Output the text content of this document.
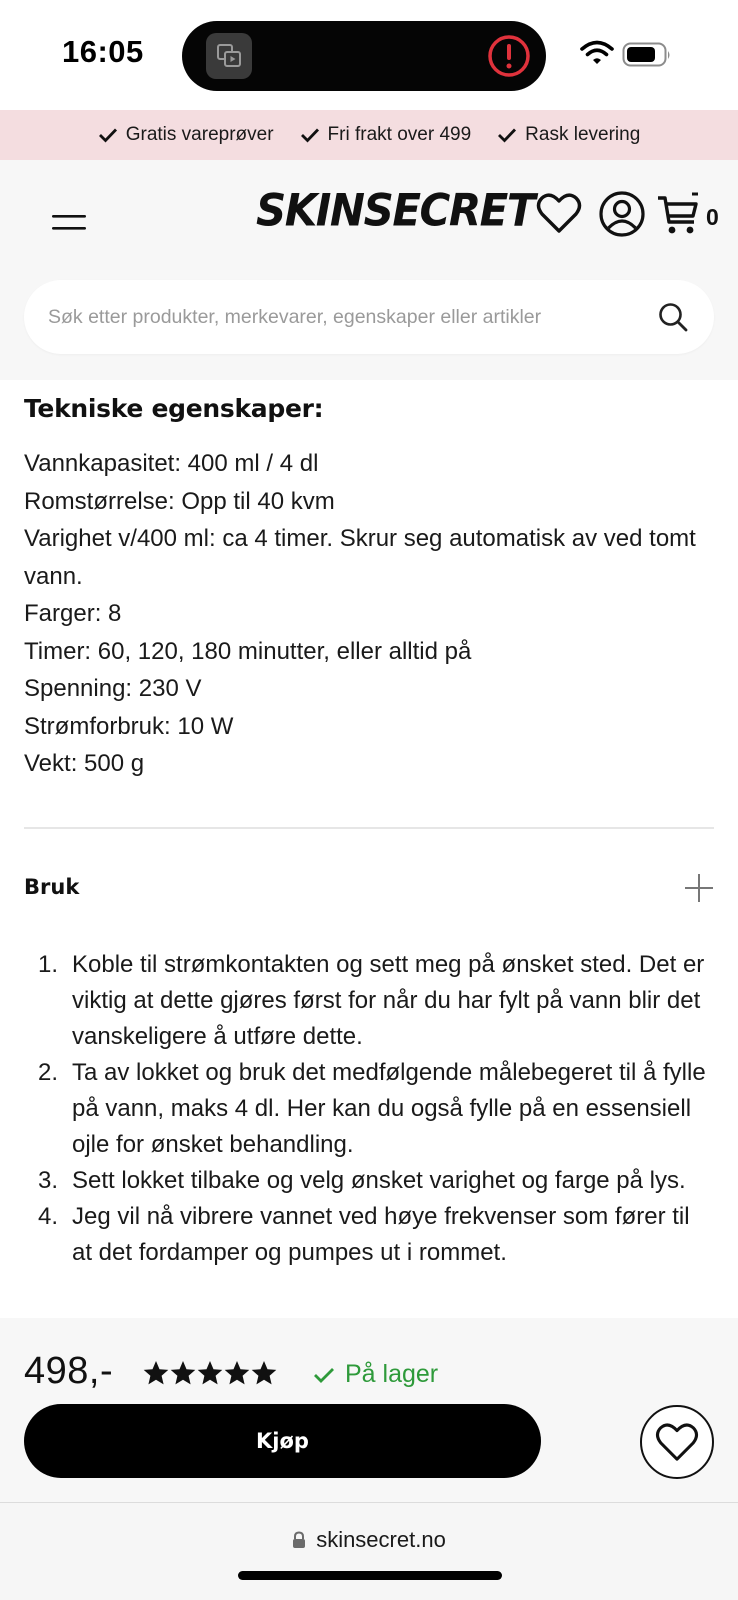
16:05
Gratis vareprøver	Fri frakt over 499	Rask levering
SKINSECRET	0
Søk etter produkter, merkevarer, egenskaper eller artikler
Tekniske egenskaper:
Vannkapasitet: 400 ml / 4 dl
Romstørrelse: Opp til 40 kvm
Varighet v/400 ml: ca 4 timer. Skrur seg automatisk av ved tomt vann.
Farger: 8
Timer: 60, 120, 180 minutter, eller alltid på
Spenning: 230 V
Strømforbruk: 10 W
Vekt: 500 g
Bruk
1. Koble til strømkontakten og sett meg på ønsket sted. Det er viktig at dette gjøres først for når du har fylt på vann blir det vanskeligere å utføre dette.
2. Ta av lokket og bruk det medfølgende målebegeret til å fylle på vann, maks 4 dl. Her kan du også fylle på en essensiell ojle for ønsket behandling.
3. Sett lokket tilbake og velg ønsket varighet og farge på lys.
4. Jeg vil nå vibrere vannet ved høye frekvenser som fører til at det fordamper og pumpes ut i rommet.
498,-	På lager
Kjøp
skinsecret.no
